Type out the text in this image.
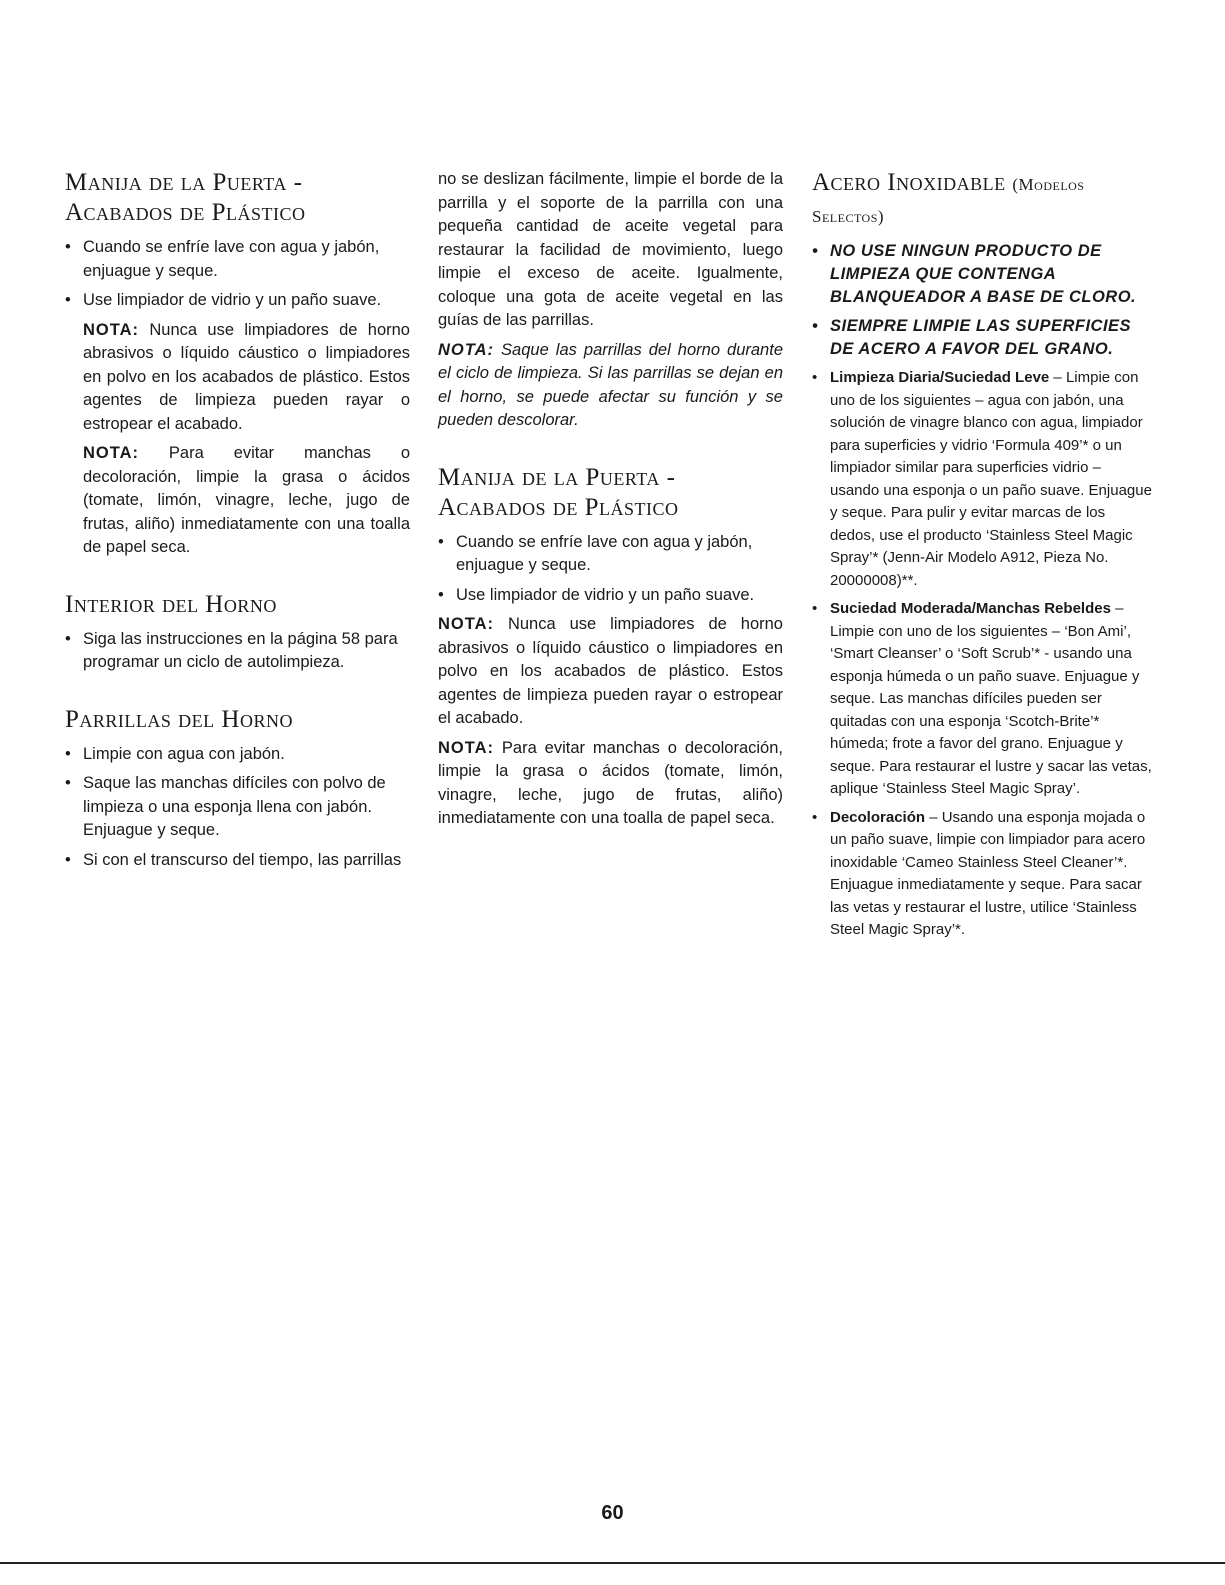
Manija de la Puerta - Acabados de Plástico

• Cuando se enfríe lave con agua y jabón, enjuague y seque.

• Use limpiador de vidrio y un paño suave.

NOTA: Nunca use limpiadores de horno abrasivos o líquido cáustico o limpiadores en polvo en los acabados de plástico. Estos agentes de limpieza pueden rayar o estropear el acabado.

NOTA: Para evitar manchas o decoloración, limpie la grasa o ácidos (tomate, limón, vinagre, leche, jugo de frutas, aliño) inmediatamente con una toalla de papel seca.

Interior del Horno

• Siga las instrucciones en la página 58 para programar un ciclo de autolimpieza.

Parrillas del Horno

• Limpie con agua con jabón.

• Saque las manchas difíciles con polvo de limpieza o una esponja llena con jabón. Enjuague y seque.

• Si con el transcurso del tiempo, las parrillas

no se deslizan fácilmente, limpie el borde de la parrilla y el soporte de la parrilla con una pequeña cantidad de aceite vegetal para restaurar la facilidad de movimiento, luego limpie el exceso de aceite. Igualmente, coloque una gota de aceite vegetal en las guías de las parrillas.

NOTA: Saque las parrillas del horno durante el ciclo de limpieza. Si las parrillas se dejan en el horno, se puede afectar su función y se pueden descolorar.

Manija de la Puerta - Acabados de Plástico

• Cuando se enfríe lave con agua y jabón, enjuague y seque.

• Use limpiador de vidrio y un paño suave.

NOTA: Nunca use limpiadores de horno abrasivos o líquido cáustico o limpiadores en polvo en los acabados de plástico. Estos agentes de limpieza pueden rayar o estropear el acabado.

NOTA: Para evitar manchas o decoloración, limpie la grasa o ácidos (tomate, limón, vinagre, leche, jugo de frutas, aliño) inmediatamente con una toalla de papel seca.

Acero Inoxidable (Modelos Selectos)

• NO USE NINGUN PRODUCTO DE LIMPIEZA QUE CONTENGA BLANQUEADOR A BASE DE CLORO.

• SIEMPRE LIMPIE LAS SUPERFICIES DE ACERO A FAVOR DEL GRANO.

• Limpieza Diaria/Suciedad Leve – Limpie con uno de los siguientes – agua con jabón, una solución de vinagre blanco con agua, limpiador para superficies y vidrio ‘Formula 409’* o un limpiador similar para superficies vidrio – usando una esponja o un paño suave. Enjuague y seque. Para pulir y evitar marcas de los dedos, use el producto ‘Stainless Steel Magic Spray’* (Jenn-Air Modelo A912, Pieza No. 20000008)**.

• Suciedad Moderada/Manchas Rebeldes – Limpie con uno de los siguientes – ‘Bon Ami’, ‘Smart Cleanser’ o ‘Soft Scrub’* - usando una esponja húmeda o un paño suave. Enjuague y seque. Las manchas difíciles pueden ser quitadas con una esponja ‘Scotch-Brite’* húmeda; frote a favor del grano. Enjuague y seque. Para restaurar el lustre y sacar las vetas, aplique ‘Stainless Steel Magic Spray’.

• Decoloración – Usando una esponja mojada o un paño suave, limpie con limpiador para acero inoxidable ‘Cameo Stainless Steel Cleaner’*. Enjuague inmediatamente y seque. Para sacar las vetas y restaurar el lustre, utilice ‘Stainless Steel Magic Spray’*.

60
